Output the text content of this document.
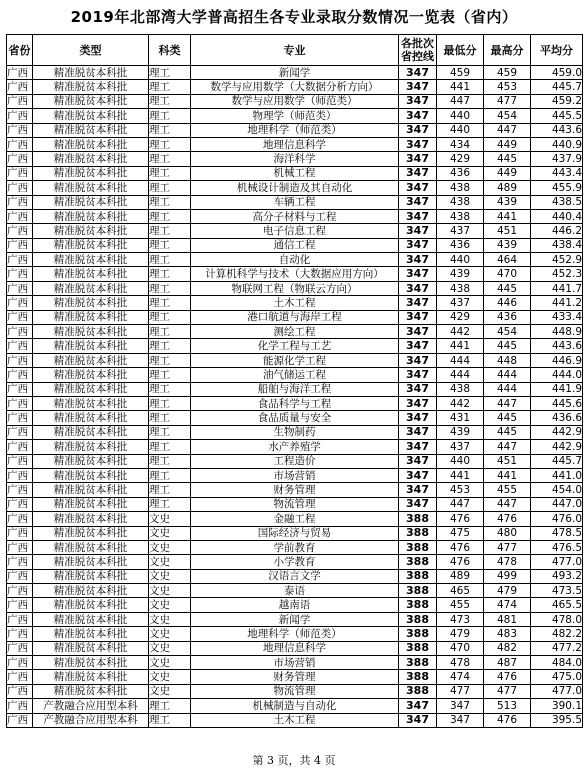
2019年北部湾大学普高招生各专业录取分数情况一览表（省内）
省份	类型	科类	专业	各批次省控线	最低分	最高分	平均分
广西	精准脱贫本科批	理工	新闻学	347	459	459	459.0
广西	精准脱贫本科批	理工	数学与应用数学（大数据分析方向）	347	441	453	445.7
广西	精准脱贫本科批	理工	数学与应用数学（师范类）	347	447	477	459.2
广西	精准脱贫本科批	理工	物理学（师范类）	347	440	454	445.5
广西	精准脱贫本科批	理工	地理科学（师范类）	347	440	447	443.6
广西	精准脱贫本科批	理工	地理信息科学	347	434	449	440.9
广西	精准脱贫本科批	理工	海洋科学	347	429	445	437.9
广西	精准脱贫本科批	理工	机械工程	347	436	449	443.4
广西	精准脱贫本科批	理工	机械设计制造及其自动化	347	438	489	455.9
广西	精准脱贫本科批	理工	车辆工程	347	438	439	438.5
广西	精准脱贫本科批	理工	高分子材料与工程	347	438	441	440.4
广西	精准脱贫本科批	理工	电子信息工程	347	437	451	446.2
广西	精准脱贫本科批	理工	通信工程	347	436	439	438.4
广西	精准脱贫本科批	理工	自动化	347	440	464	452.9
广西	精准脱贫本科批	理工	计算机科学与技术（大数据应用方向）	347	439	470	452.3
广西	精准脱贫本科批	理工	物联网工程（物联云方向）	347	438	445	441.7
广西	精准脱贫本科批	理工	土木工程	347	437	446	441.2
广西	精准脱贫本科批	理工	港口航道与海岸工程	347	429	436	433.4
广西	精准脱贫本科批	理工	测绘工程	347	442	454	448.9
广西	精准脱贫本科批	理工	化学工程与工艺	347	441	445	443.6
广西	精准脱贫本科批	理工	能源化学工程	347	444	448	446.9
广西	精准脱贫本科批	理工	油气储运工程	347	444	444	444.0
广西	精准脱贫本科批	理工	船舶与海洋工程	347	438	444	441.9
广西	精准脱贫本科批	理工	食品科学与工程	347	442	447	445.6
广西	精准脱贫本科批	理工	食品质量与安全	347	431	445	436.6
广西	精准脱贫本科批	理工	生物制药	347	439	445	442.9
广西	精准脱贫本科批	理工	水产养殖学	347	437	447	442.9
广西	精准脱贫本科批	理工	工程造价	347	440	451	445.7
广西	精准脱贫本科批	理工	市场营销	347	441	441	441.0
广西	精准脱贫本科批	理工	财务管理	347	453	455	454.0
广西	精准脱贫本科批	理工	物流管理	347	447	447	447.0
广西	精准脱贫本科批	文史	金融工程	388	476	476	476.0
广西	精准脱贫本科批	文史	国际经济与贸易	388	475	480	478.5
广西	精准脱贫本科批	文史	学前教育	388	476	477	476.5
广西	精准脱贫本科批	文史	小学教育	388	476	478	477.0
广西	精准脱贫本科批	文史	汉语言文学	388	489	499	493.2
广西	精准脱贫本科批	文史	泰语	388	465	479	473.5
广西	精准脱贫本科批	文史	越南语	388	455	474	465.5
广西	精准脱贫本科批	文史	新闻学	388	473	481	478.0
广西	精准脱贫本科批	文史	地理科学（师范类）	388	479	483	482.2
广西	精准脱贫本科批	文史	地理信息科学	388	470	482	477.2
广西	精准脱贫本科批	文史	市场营销	388	478	487	484.0
广西	精准脱贫本科批	文史	财务管理	388	474	476	475.0
广西	精准脱贫本科批	文史	物流管理	388	477	477	477.0
广西	产教融合应用型本科	理工	机械制造与自动化	347	347	513	390.1
广西	产教融合应用型本科	理工	土木工程	347	347	476	395.5
第 3 页，共 4 页
